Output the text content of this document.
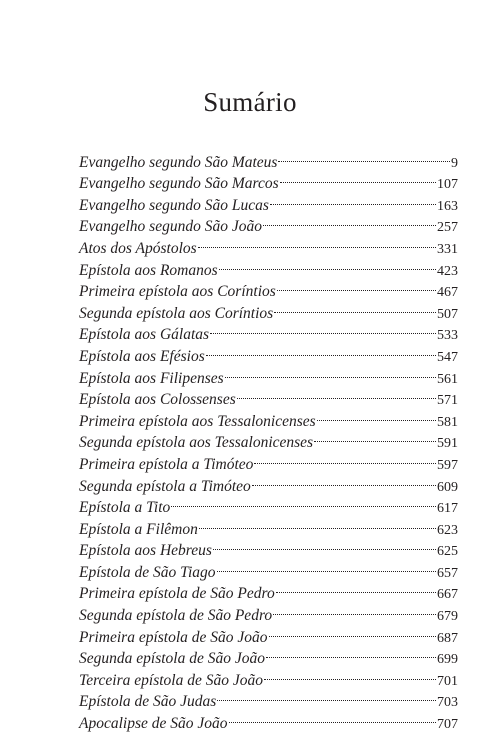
Sumário
Evangelho segundo São Mateus	9
Evangelho segundo São Marcos	107
Evangelho segundo São Lucas	163
Evangelho segundo São João	257
Atos dos Apóstolos	331
Epístola aos Romanos	423
Primeira epístola aos Coríntios	467
Segunda epístola aos Coríntios	507
Epístola aos Gálatas	533
Epístola aos Efésios	547
Epístola aos Filipenses	561
Epístola aos Colossenses	571
Primeira epístola aos Tessalonicenses	581
Segunda epístola aos Tessalonicenses	591
Primeira epístola a Timóteo	597
Segunda epístola a Timóteo	609
Epístola a Tito	617
Epístola a Filêmon	623
Epístola aos Hebreus	625
Epístola de São Tiago	657
Primeira epístola de São Pedro	667
Segunda epístola de São Pedro	679
Primeira epístola de São João	687
Segunda epístola de São João	699
Terceira epístola de São João	701
Epístola de São Judas	703
Apocalipse de São João	707
